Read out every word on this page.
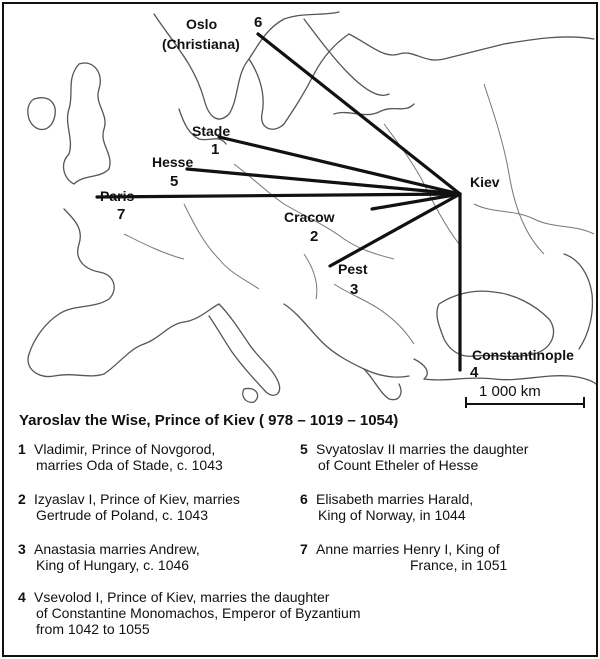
1 000 km
Kiev
Oslo
(Christiana)
6
Stade
1
Hesse
5
Paris
7	Cracow
2
Pest
3
Constantinople
4
Yaroslav the Wise, Prince of Kiev ( 978 – 1019 – 1054)
1 Vladimir, Prince of Novgorod,
marries Oda of Stade, c. 1043
2 Izyaslav I, Prince of Kiev, marries
Gertrude of Poland, c. 1043
3 Anastasia marries Andrew,
King of Hungary, c. 1046
4 Vsevolod I, Prince of Kiev, marries the daughter
of Constantine Monomachos, Emperor of Byzantium
from 1042 to 1055
5 Svyatoslav II marries the daughter
of Count Etheler of Hesse
6 Elisabeth marries Harald,
King of Norway, in 1044
7 Anne marries Henry I, King of
France, in 1051
